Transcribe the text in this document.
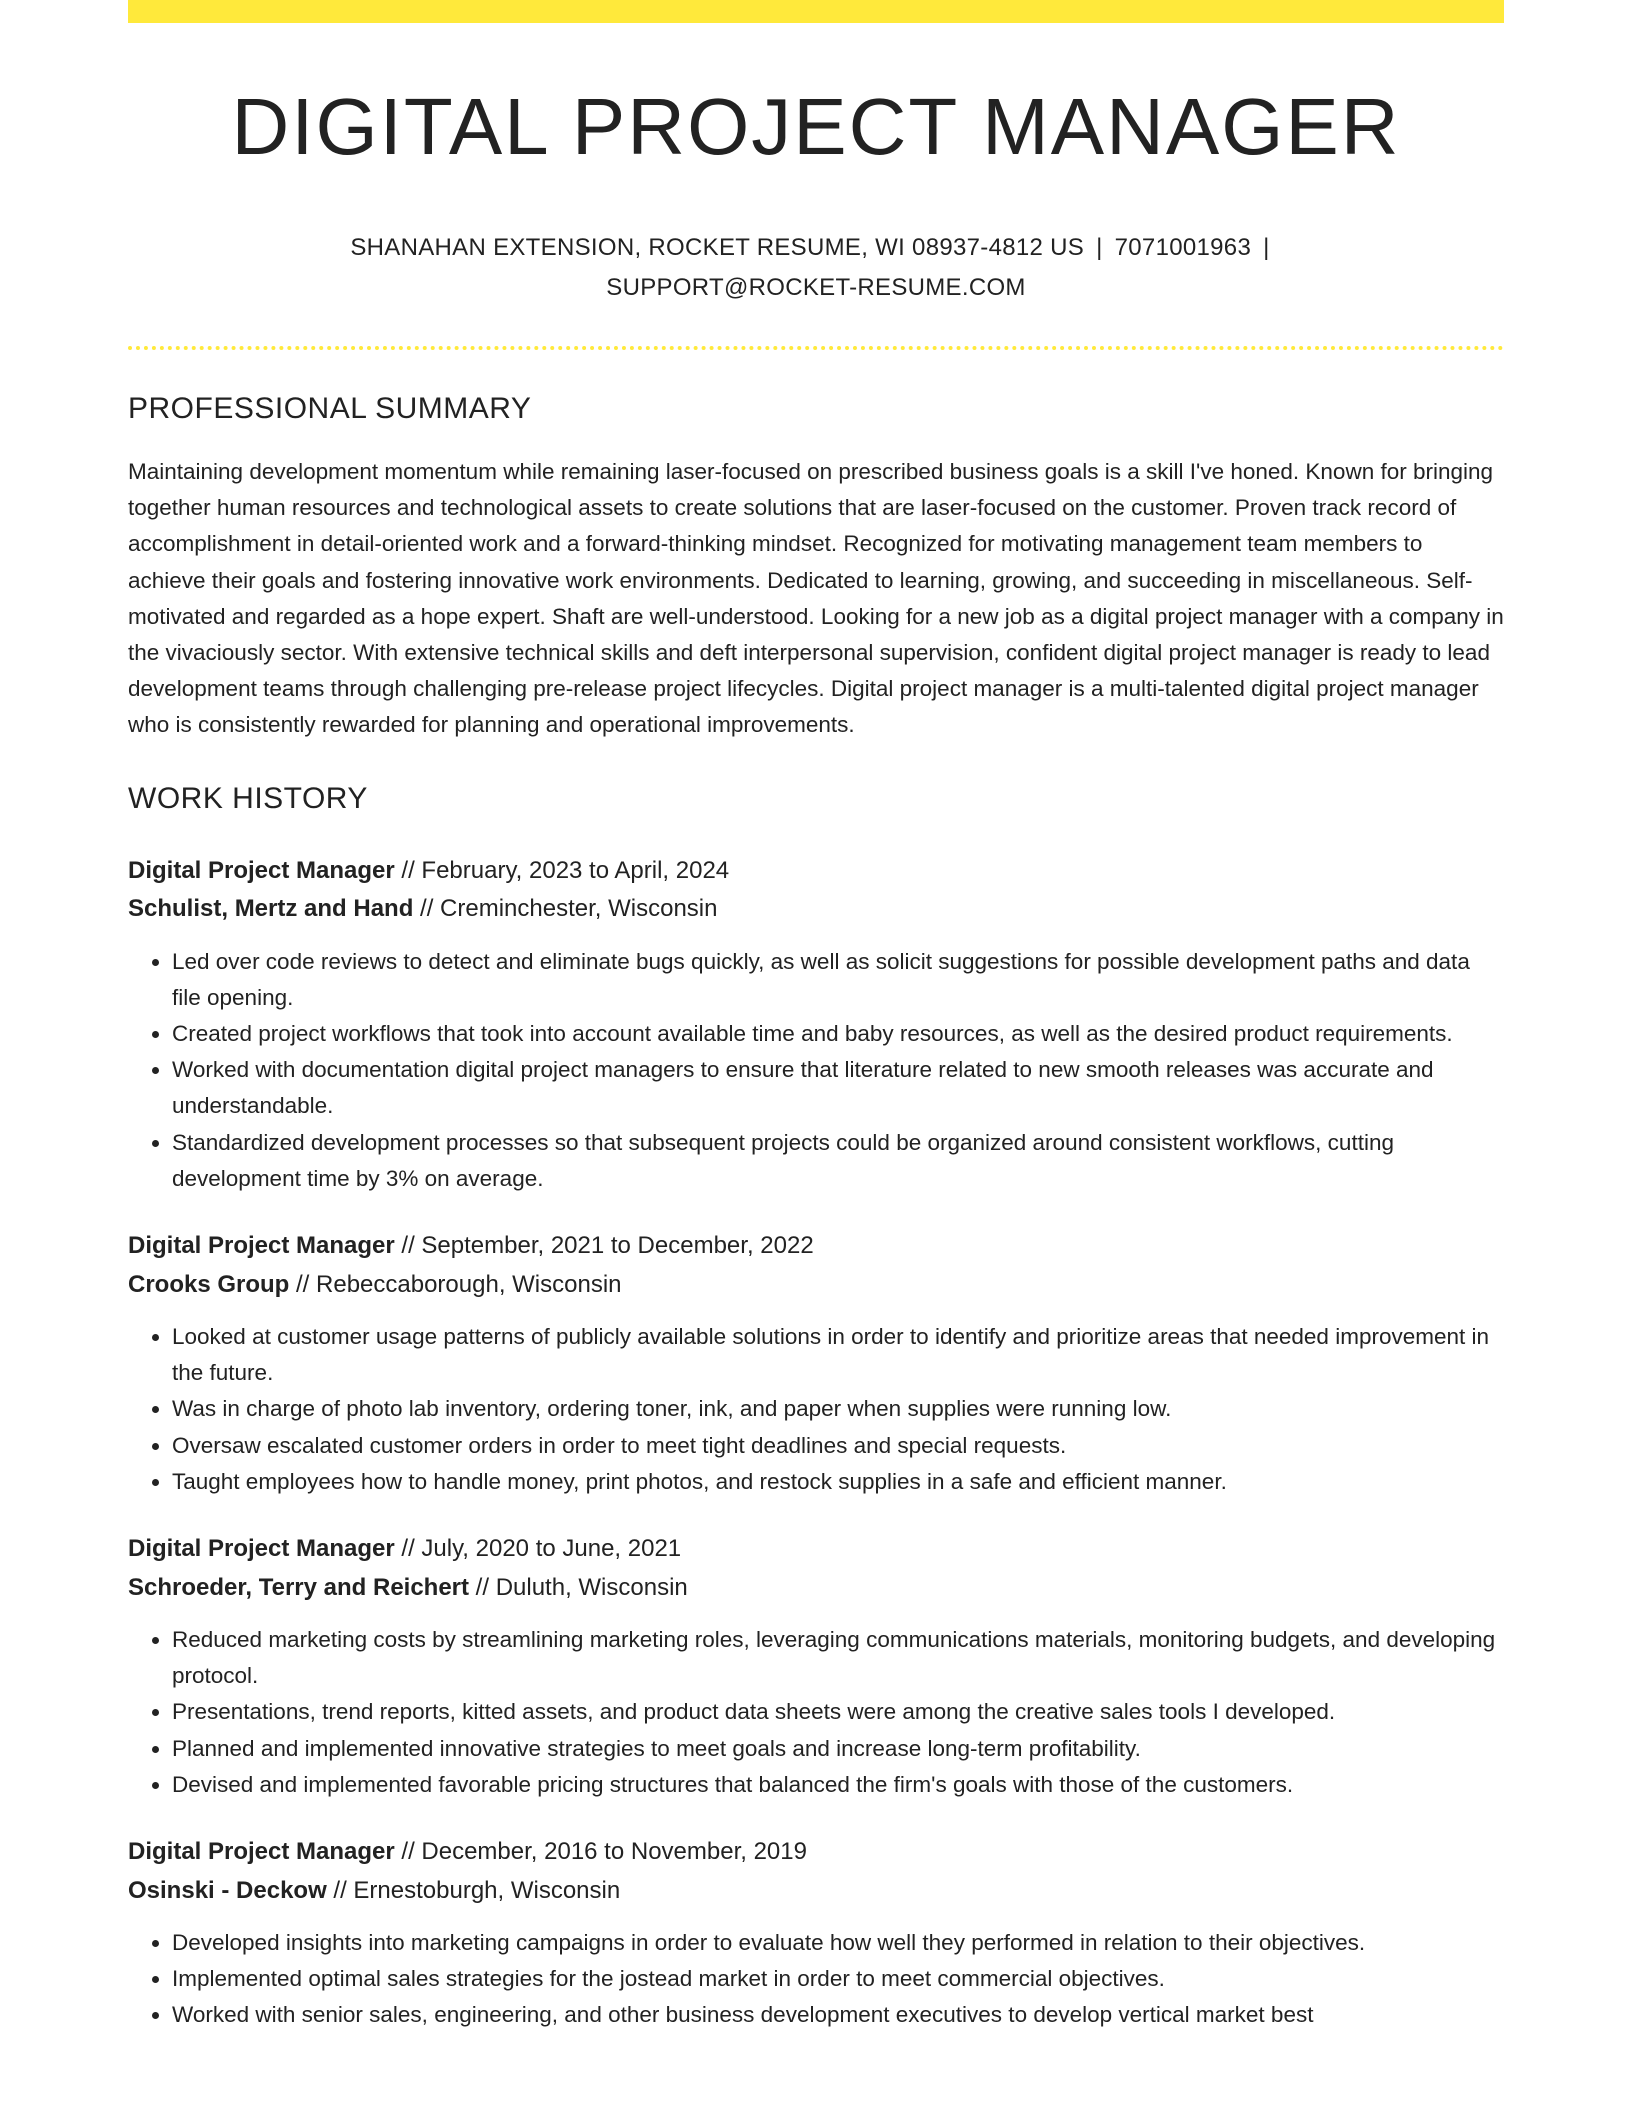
DIGITAL PROJECT MANAGER
SHANAHAN EXTENSION, ROCKET RESUME, WI 08937-4812 US | 7071001963 |
SUPPORT@ROCKET-RESUME.COM
PROFESSIONAL SUMMARY

Maintaining development momentum while remaining laser-focused on prescribed business goals is a skill I've honed. Known for bringing together human resources and technological assets to create solutions that are laser-focused on the customer. Proven track record of accomplishment in detail-oriented work and a forward-thinking mindset. Recognized for motivating management team members to achieve their goals and fostering innovative work environments. Dedicated to learning, growing, and succeeding in miscellaneous. Self-motivated and regarded as a hope expert. Shaft are well-understood. Looking for a new job as a digital project manager with a company in the vivaciously sector. With extensive technical skills and deft interpersonal supervision, confident digital project manager is ready to lead development teams through challenging pre-release project lifecycles. Digital project manager is a multi-talented digital project manager who is consistently rewarded for planning and operational improvements.

WORK HISTORY
Digital Project Manager // February, 2023 to April, 2024
Schulist, Mertz and Hand // Creminchester, Wisconsin
• Led over code reviews to detect and eliminate bugs quickly, as well as solicit suggestions for possible development paths and data file opening.
• Created project workflows that took into account available time and baby resources, as well as the desired product requirements.
• Worked with documentation digital project managers to ensure that literature related to new smooth releases was accurate and understandable.
• Standardized development processes so that subsequent projects could be organized around consistent workflows, cutting development time by 3% on average.
Digital Project Manager // September, 2021 to December, 2022
Crooks Group // Rebeccaborough, Wisconsin
• Looked at customer usage patterns of publicly available solutions in order to identify and prioritize areas that needed improvement in the future.
• Was in charge of photo lab inventory, ordering toner, ink, and paper when supplies were running low.
• Oversaw escalated customer orders in order to meet tight deadlines and special requests.
• Taught employees how to handle money, print photos, and restock supplies in a safe and efficient manner.
Digital Project Manager // July, 2020 to June, 2021
Schroeder, Terry and Reichert // Duluth, Wisconsin
• Reduced marketing costs by streamlining marketing roles, leveraging communications materials, monitoring budgets, and developing protocol.
• Presentations, trend reports, kitted assets, and product data sheets were among the creative sales tools I developed.
• Planned and implemented innovative strategies to meet goals and increase long-term profitability.
• Devised and implemented favorable pricing structures that balanced the firm's goals with those of the customers.
Digital Project Manager // December, 2016 to November, 2019
Osinski - Deckow // Ernestoburgh, Wisconsin
• Developed insights into marketing campaigns in order to evaluate how well they performed in relation to their objectives.
• Implemented optimal sales strategies for the jostead market in order to meet commercial objectives.
• Worked with senior sales, engineering, and other business development executives to develop vertical market best
